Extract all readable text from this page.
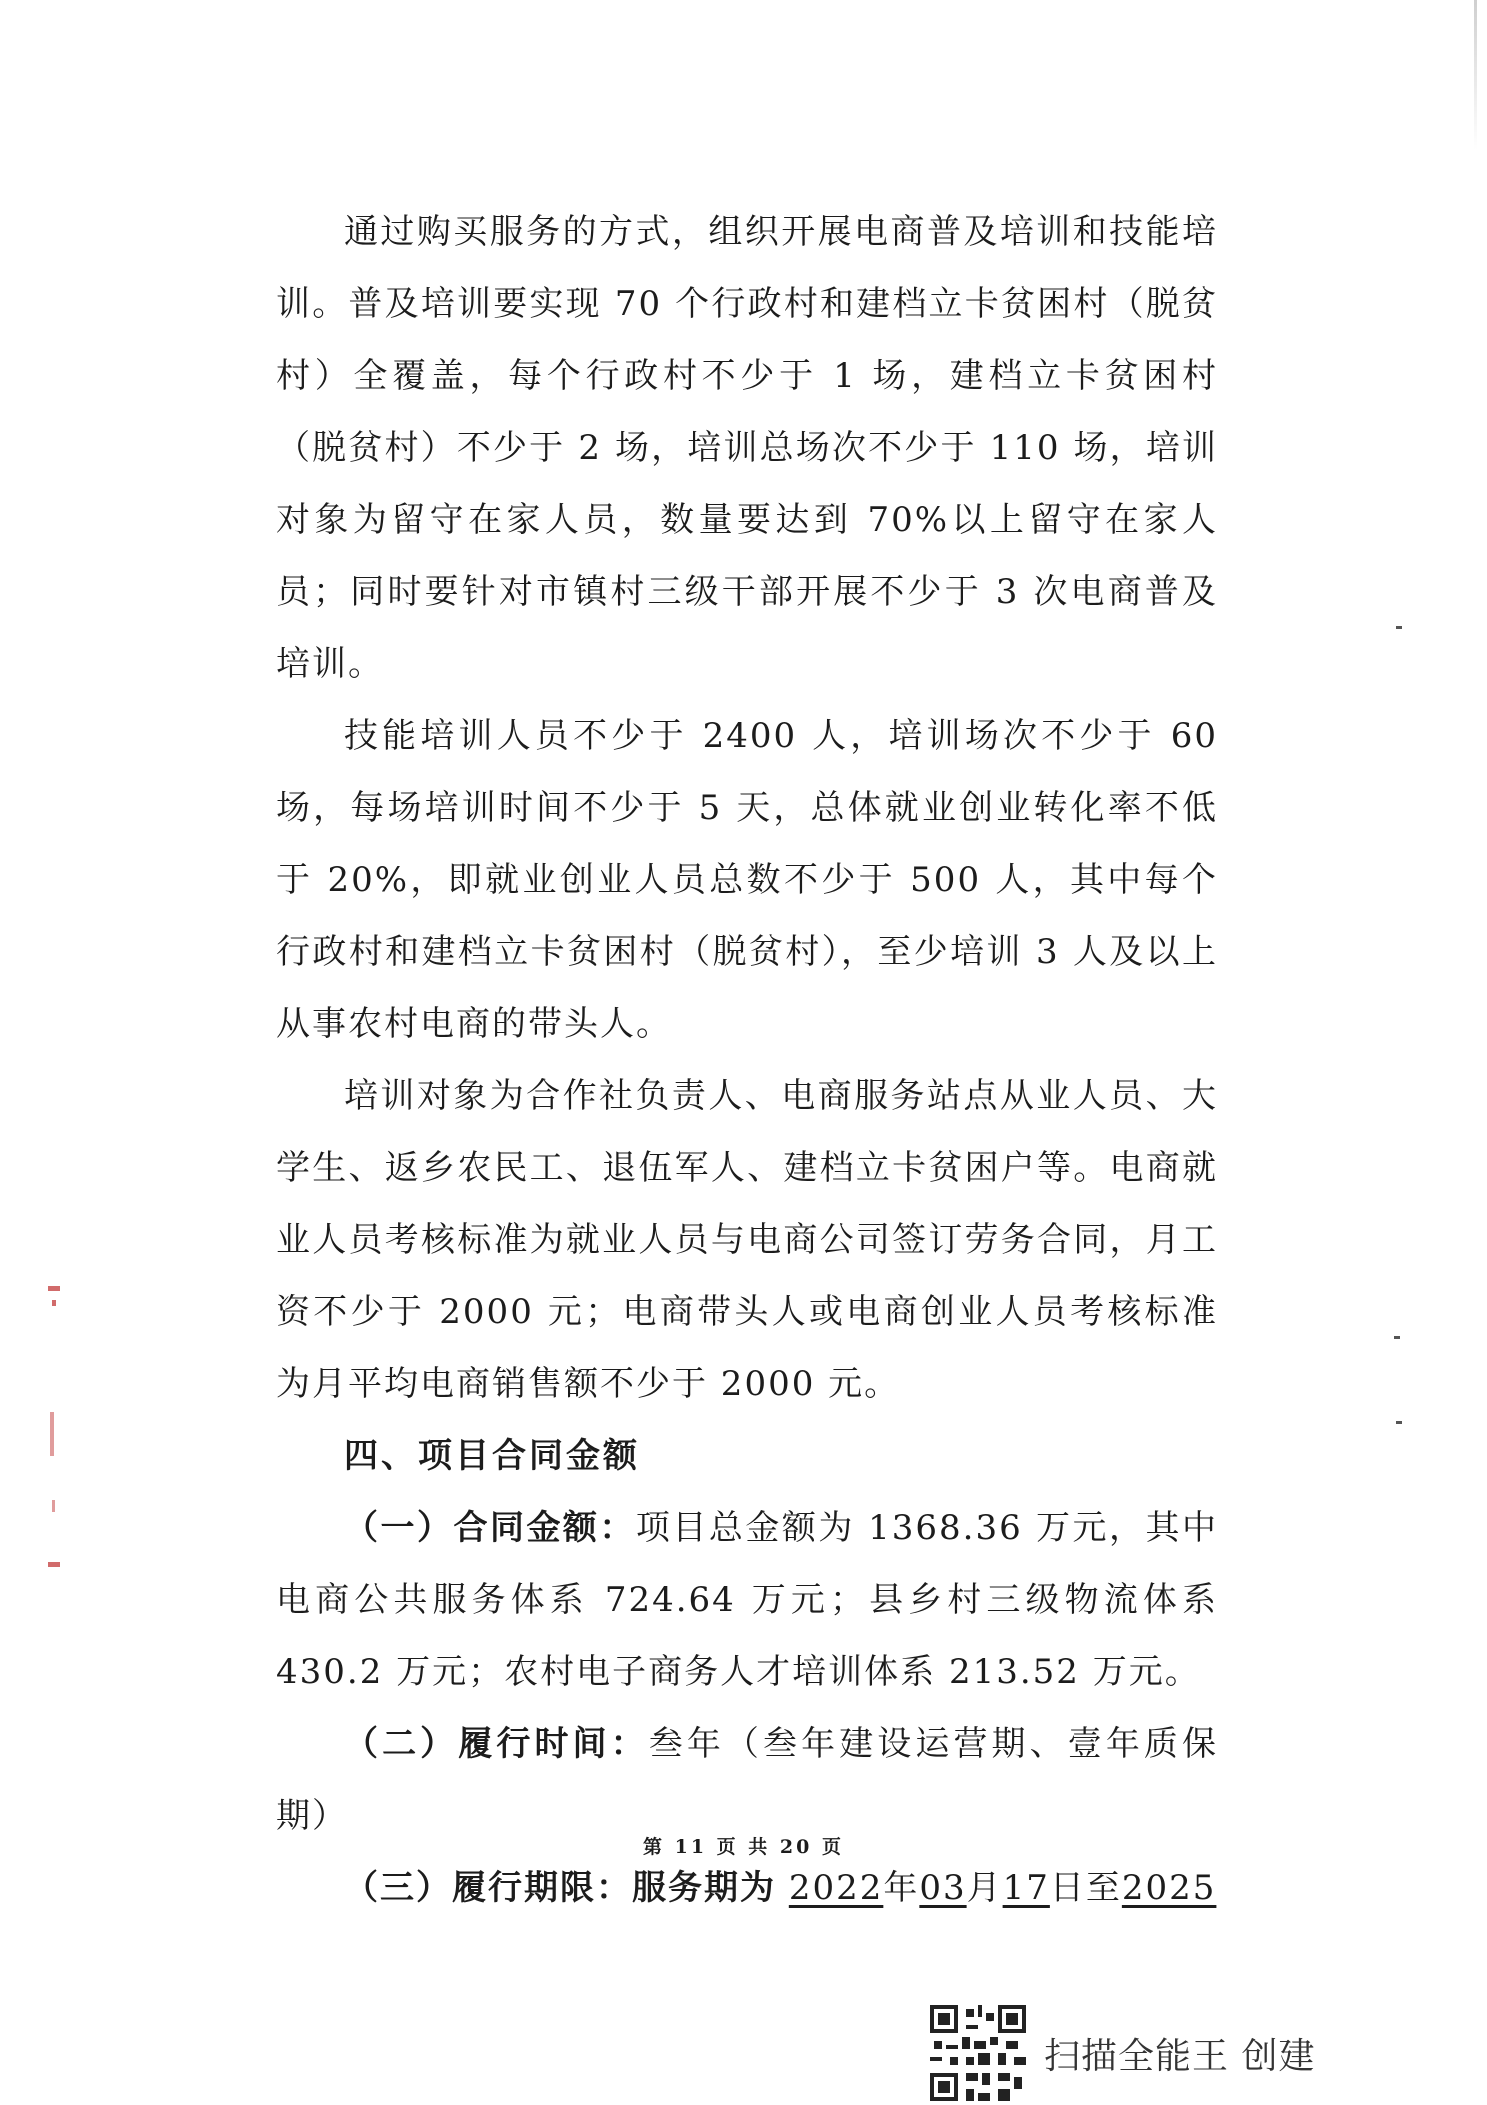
通过购买服务的方式，组织开展电商普及培训和技能培训。普及培训要实现 70 个行政村和建档立卡贫困村（脱贫村）全覆盖，每个行政村不少于 1 场，建档立卡贫困村（脱贫村）不少于 2 场，培训总场次不少于 110 场，培训对象为留守在家人员，数量要达到 70%以上留守在家人员；同时要针对市镇村三级干部开展不少于 3 次电商普及培训。

技能培训人员不少于 2400 人，培训场次不少于 60 场，每场培训时间不少于 5 天，总体就业创业转化率不低于 20%，即就业创业人员总数不少于 500 人，其中每个行政村和建档立卡贫困村（脱贫村），至少培训 3 人及以上从事农村电商的带头人。

培训对象为合作社负责人、电商服务站点从业人员、大学生、返乡农民工、退伍军人、建档立卡贫困户等。电商就业人员考核标准为就业人员与电商公司签订劳务合同，月工资不少于 2000 元；电商带头人或电商创业人员考核标准为月平均电商销售额不少于 2000 元。

四、项目合同金额

（一）合同金额：项目总金额为 1368.36 万元，其中电商公共服务体系 724.64 万元；县乡村三级物流体系 430.2 万元；农村电子商务人才培训体系 213.52 万元。

（二）履行时间：叁年（叁年建设运营期、壹年质保期）

（三）履行期限：服务期为 2022年03月17日至2025

第 11 页 共 20 页
扫描全能王 创建
